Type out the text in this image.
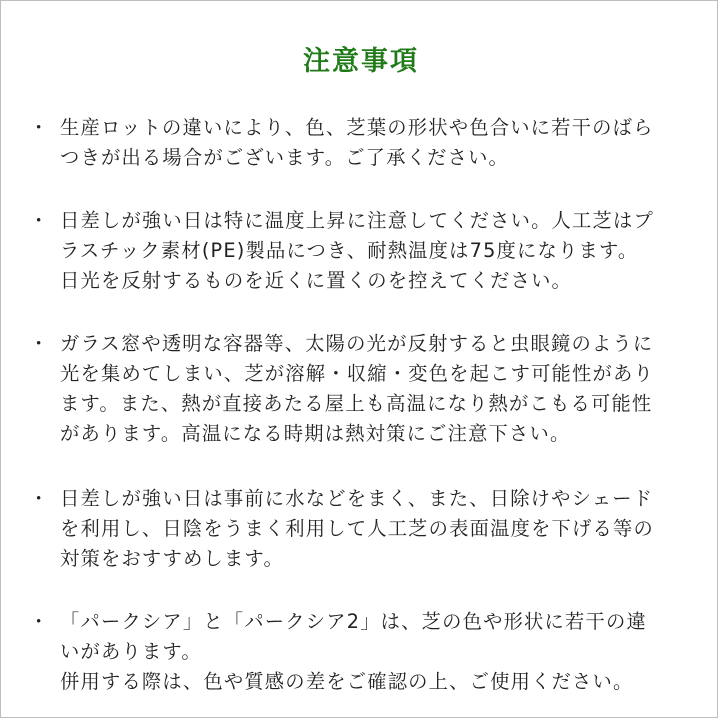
注意事項
・ 生産ロットの違いにより、色、芝葉の形状や色合いに若干のばら
つきが出る場合がございます。ご了承ください。
・ 日差しが強い日は特に温度上昇に注意してください。人工芝はプ
ラスチック素材(PE)製品につき、耐熱温度は75度になります。
日光を反射するものを近くに置くのを控えてください。
・ ガラス窓や透明な容器等、太陽の光が反射すると虫眼鏡のように
光を集めてしまい、芝が溶解・収縮・変色を起こす可能性があり
ます。また、熱が直接あたる屋上も高温になり熱がこもる可能性
があります。高温になる時期は熱対策にご注意下さい。
・ 日差しが強い日は事前に水などをまく、また、日除けやシェード
を利用し、日陰をうまく利用して人工芝の表面温度を下げる等の
対策をおすすめします。
・ 「パークシア」と「パークシア2」は、芝の色や形状に若干の違
いがあります。
併用する際は、色や質感の差をご確認の上、ご使用ください。
